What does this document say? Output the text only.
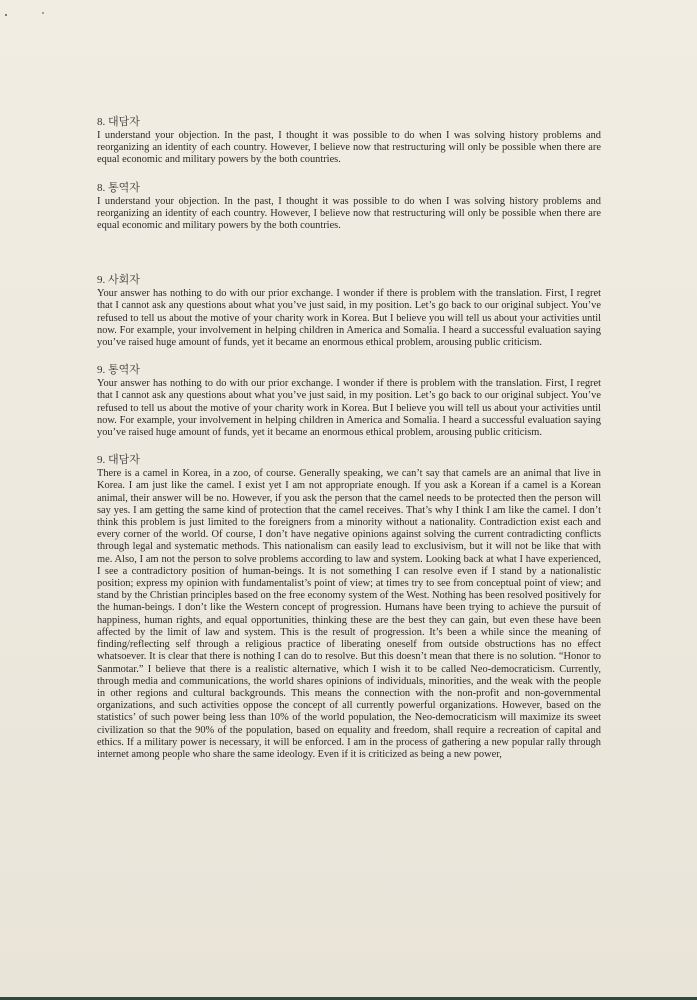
8. 대담자

I understand your objection. In the past, I thought it was possible to do when I was solving history problems and reorganizing an identity of each country. However, I believe now that restructuring will only be possible when there are equal economic and military powers by the both countries.

8. 통역자

I understand your objection. In the past, I thought it was possible to do when I was solving history problems and reorganizing an identity of each country. However, I believe now that restructuring will only be possible when there are equal economic and military powers by the both countries.

9. 사회자

Your answer has nothing to do with our prior exchange. I wonder if there is problem with the translation. First, I regret that I cannot ask any questions about what you’ve just said, in my position. Let’s go back to our original subject. You’ve refused to tell us about the motive of your charity work in Korea. But I believe you will tell us about your activities until now. For example, your involvement in helping children in America and Somalia. I heard a successful evaluation saying you’ve raised huge amount of funds, yet it became an enormous ethical problem, arousing public criticism.

9. 통역자

Your answer has nothing to do with our prior exchange. I wonder if there is problem with the translation. First, I regret that I cannot ask any questions about what you’ve just said, in my position. Let’s go back to our original subject. You’ve refused to tell us about the motive of your charity work in Korea. But I believe you will tell us about your activities until now. For example, your involvement in helping children in America and Somalia. I heard a successful evaluation saying you’ve raised huge amount of funds, yet it became an enormous ethical problem, arousing public criticism.

9. 대담자

There is a camel in Korea, in a zoo, of course. Generally speaking, we can’t say that camels are an animal that live in Korea. I am just like the camel. I exist yet I am not appropriate enough. If you ask a Korean if a camel is a Korean animal, their answer will be no. However, if you ask the person that the camel needs to be protected then the person will say yes. I am getting the same kind of protection that the camel receives. That’s why I think I am like the camel. I don’t think this problem is just limited to the foreigners from a minority without a nationality. Contradiction exist each and every corner of the world. Of course, I don’t have negative opinions against solving the current contradicting conflicts through legal and systematic methods. This nationalism can easily lead to exclusivism, but it will not be like that with me. Also, I am not the person to solve problems according to law and system. Looking back at what I have experienced, I see a contradictory position of human-beings. It is not something I can resolve even if I stand by a nationalistic position; express my opinion with fundamentalist’s point of view; at times try to see from conceptual point of view; and stand by the Christian principles based on the free economy system of the West. Nothing has been resolved positively for the human-beings. I don’t like the Western concept of progression. Humans have been trying to achieve the pursuit of happiness, human rights, and equal opportunities, thinking these are the best they can gain, but even these have been affected by the limit of law and system. This is the result of progression. It’s been a while since the meaning of finding/reflecting self through a religious practice of liberating oneself from outside obstructions has no effect whatsoever. It is clear that there is nothing I can do to resolve. But this doesn’t mean that there is no solution. “Honor to Sanmotar.” I believe that there is a realistic alternative, which I wish it to be called Neo-democraticism. Currently, through media and communications, the world shares opinions of individuals, minorities, and the weak with the people in other regions and cultural backgrounds. This means the connection with the non-profit and non-governmental organizations, and such activities oppose the concept of all currently powerful organizations. However, based on the statistics’ of such power being less than 10% of the world population, the Neo-democraticism will maximize its sweet civilization so that the 90% of the population, based on equality and freedom, shall require a recreation of capital and ethics. If a military power is necessary, it will be enforced. I am in the process of gathering a new popular rally through internet among people who share the same ideology. Even if it is criticized as being a new power,
